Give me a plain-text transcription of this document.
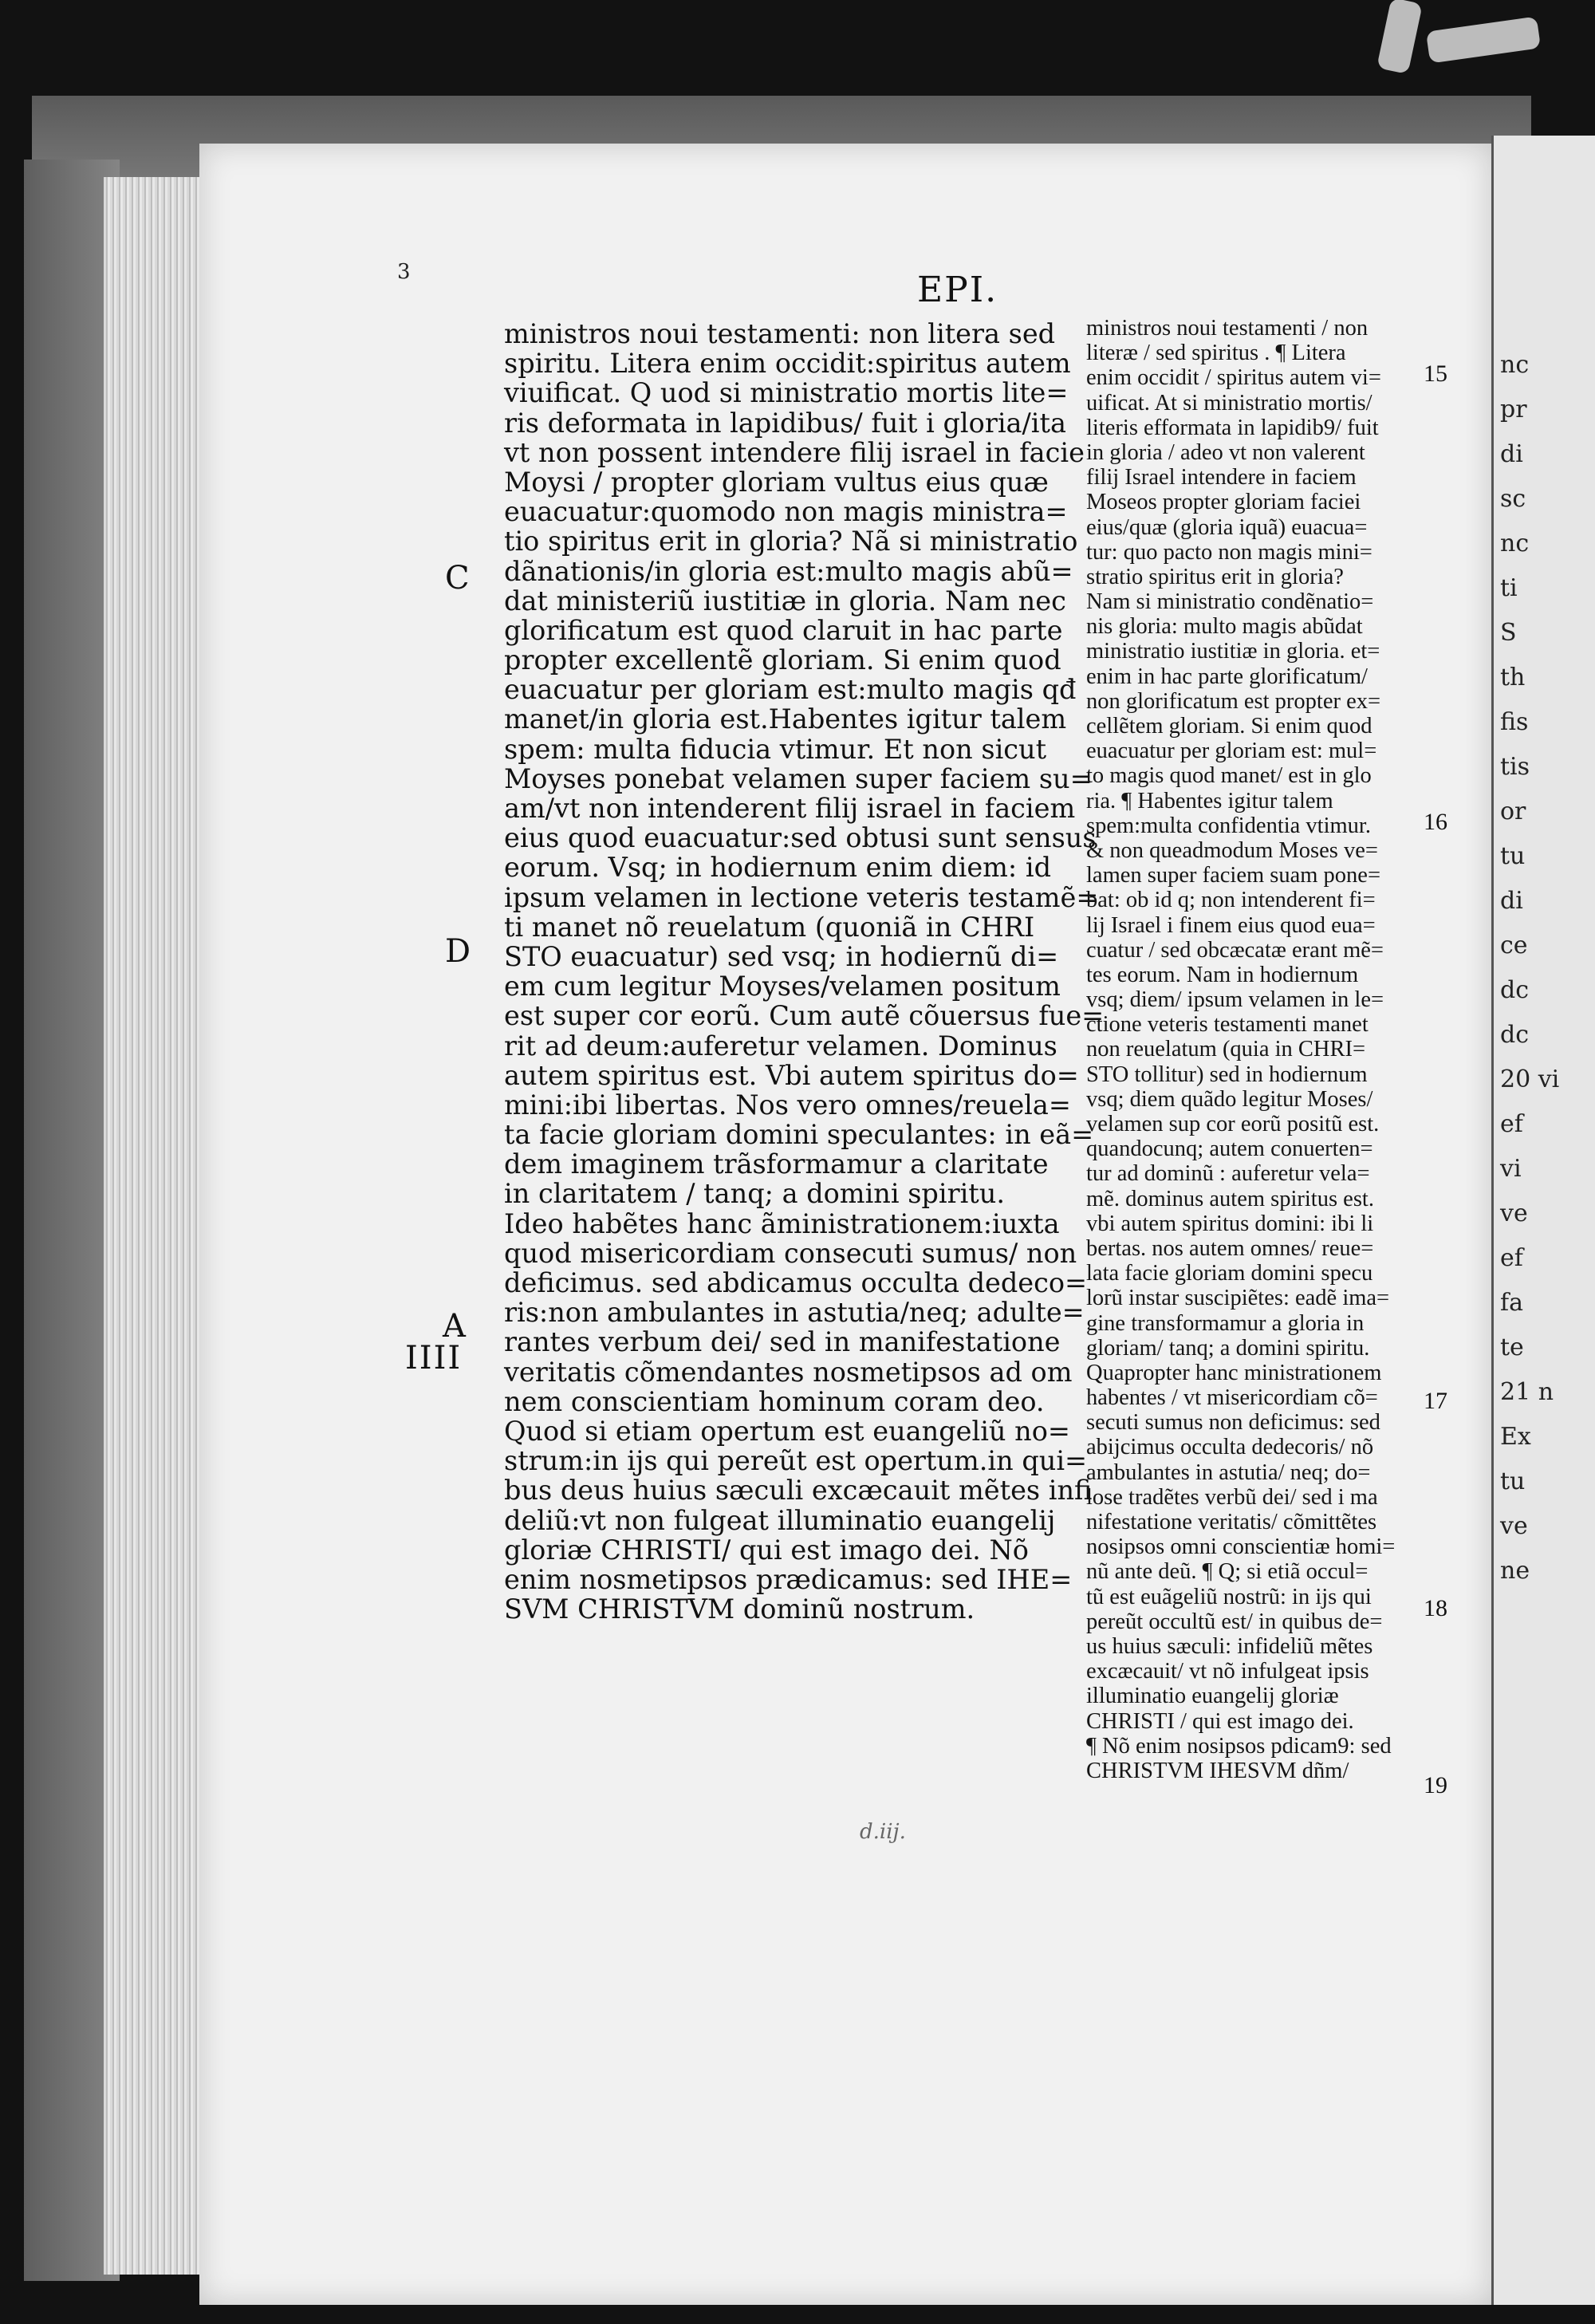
nc
pr
di
sc
nc
ti
S
th
fis
tis
or
tu
di
ce
dc
dc
20 vi
ef
vi
ve
ef
fa
te
21 n
Ex
tu
ve
ne
3	EPI.
C
D
A
IIII
ministros noui testamenti: non litera sed
spiritu. Litera enim occidit:spiritus autem
viuificat. Q uod si ministratio mortis lite=
ris deformata in lapidibus/ fuit i gloria/ita
vt non possent intendere filij israel in facie
Moysi / propter gloriam vultus eius quæ
euacuatur:quomodo non magis ministra=
tio spiritus erit in gloria? Nã si ministratio
dãnationis/in gloria est:multo magis abũ=
dat ministeriũ iustitiæ in gloria. Nam nec
glorificatum est quod claruit in hac parte
propter excellentẽ gloriam. Si enim quod
euacuatur per gloriam est:multo magis qđ
manet/in gloria est.Habentes igitur talem
spem: multa fiducia vtimur. Et non sicut
Moyses ponebat velamen super faciem su=
am/vt non intenderent filij israel in faciem
eius quod euacuatur:sed obtusi sunt sensus
eorum. Vsq; in hodiernum enim diem: id
ipsum velamen in lectione veteris testamẽ=
ti manet nõ reuelatum (quoniã in CHRI
STO euacuatur) sed vsq; in hodiernũ di=
em cum legitur Moyses/velamen positum
est super cor eorũ. Cum autẽ cõuersus fue=
rit ad deum:auferetur velamen. Dominus
autem spiritus est. Vbi autem spiritus do=
mini:ibi libertas. Nos vero omnes/reuela=
ta facie gloriam domini speculantes: in eã=
dem imaginem trãsformamur a claritate
in claritatem / tanq; a domini spiritu.
Ideo habẽtes hanc ãministrationem:iuxta
quod misericordiam consecuti sumus/ non
deficimus. sed abdicamus occulta dedeco=
ris:non ambulantes in astutia/neq; adulte=
rantes verbum dei/ sed in manifestatione
veritatis cõmendantes nosmetipsos ad om
nem conscientiam hominum coram deo.
Quod si etiam opertum est euangeliũ no=
strum:in ijs qui pereũt est opertum.in qui=
bus deus huius sæculi excæcauit mẽtes infi
deliũ:vt non fulgeat illuminatio euangelij
gloriæ CHRISTI/ qui est imago dei. Nõ
enim nosmetipsos prædicamus: sed IHE=
SVM CHRISTVM dominũ nostrum.
ministros noui testamenti / non
literæ / sed spiritus . ¶ Litera
enim occidit / spiritus autem vi=
uificat. At si ministratio mortis/
literis efformata in lapidib9/ fuit
in gloria / adeo vt non valerent
filij Israel intendere in faciem
Moseos propter gloriam faciei
eius/quæ (gloria iquã) euacua=
tur: quo pacto non magis mini=
stratio spiritus erit in gloria?
Nam si ministratio condẽnatio=
nis gloria: multo magis abũdat
ministratio iustitiæ in gloria. et=
enim in hac parte glorificatum/
non glorificatum est propter ex=
cellẽtem gloriam. Si enim quod
euacuatur per gloriam est: mul=
to magis quod manet/ est in glo
ria. ¶ Habentes igitur talem
spem:multa confidentia vtimur.
& non queadmodum Moses ve=
lamen super faciem suam pone=
bat: ob id q; non intenderent fi=
lij Israel i finem eius quod eua=
cuatur / sed obcæcatæ erant mẽ=
tes eorum. Nam in hodiernum
vsq; diem/ ipsum velamen in le=
ctione veteris testamenti manet
non reuelatum (quia in CHRI=
STO tollitur) sed in hodiernum
vsq; diem quãdo legitur Moses/
velamen sup cor eorũ positũ est.
quandocunq; autem conuerten=
tur ad dominũ : auferetur vela=
mẽ. dominus autem spiritus est.
vbi autem spiritus domini: ibi li
bertas. nos autem omnes/ reue=
lata facie gloriam domini specu
lorũ instar suscipiẽtes: eadẽ ima=
gine transformamur a gloria in
gloriam/ tanq; a domini spiritu.
Quapropter hanc ministrationem
habentes / vt misericordiam cõ=
secuti sumus non deficimus: sed
abijcimus occulta dedecoris/ nõ
ambulantes in astutia/ neq; do=
lose tradẽtes verbũ dei/ sed i ma
nifestatione veritatis/ cõmittẽtes
nosipsos omni conscientiæ homi=
nũ ante deũ. ¶ Q; si etiã occul=
tũ est euãgeliũ nostrũ: in ijs qui
pereũt occultũ est/ in quibus de=
us huius sæculi: infideliũ mẽtes
excæcauit/ vt nõ infulgeat ipsis
illuminatio euangelij gloriæ
CHRISTI / qui est imago dei.
¶ Nõ enim nosipsos pdicam9: sed
CHRISTVM IHESVM dñm/
15
16
17
18
19
d.iij.
